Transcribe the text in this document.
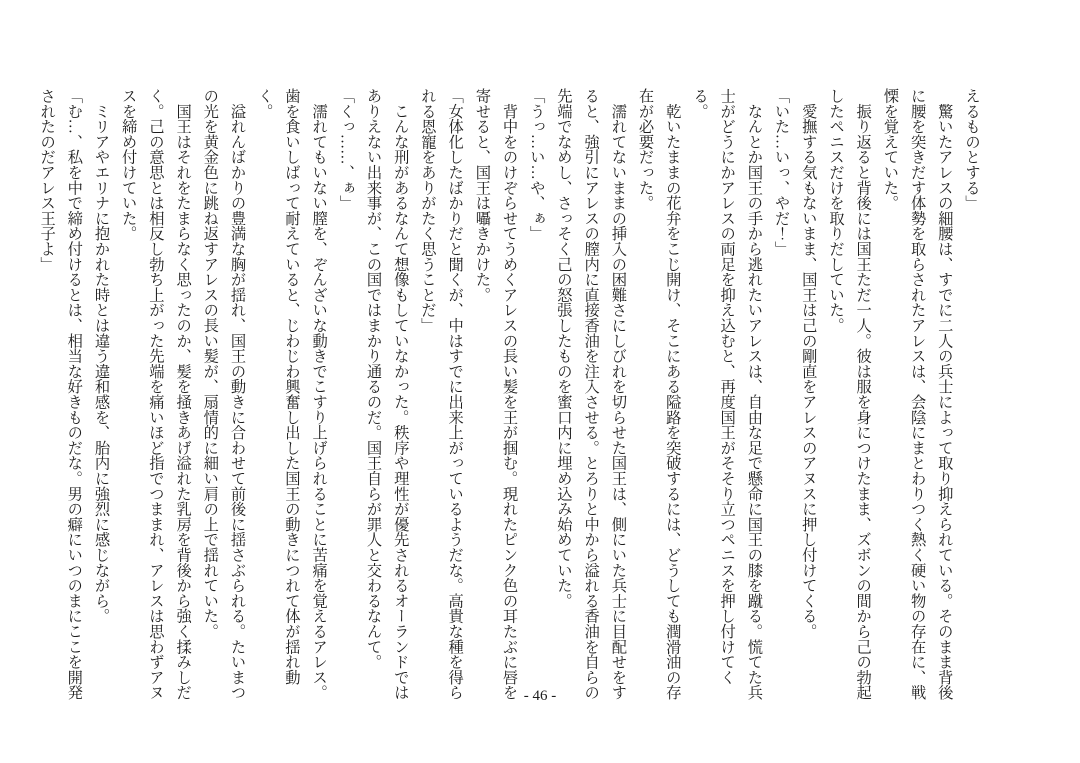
えるものとする」

　驚いたアレスの細腰は、すでに二人の兵士によって取り抑えられている。そのまま背後に腰を突きだす体勢を取らされたアレスは、会陰にまとわりつく熱く硬い物の存在に、戦慄を覚えていた。

　振り返ると背後には国王ただ一人。彼は服を身につけたまま、ズボンの間から己の勃起したペニスだけを取りだしていた。

　愛撫する気もないまま、国王は己の剛直をアレスのアヌスに押し付けてくる。

「いた…いっ、やだ！」

　なんとか国王の手から逃れたいアレスは、自由な足で懸命に国王の膝を蹴る。慌てた兵士がどうにかアレスの両足を抑え込むと、再度国王がそそり立つペニスを押し付けてくる。

　乾いたままの花弁をこじ開け、そこにある隘路を突破するには、どうしても潤滑油の存在が必要だった。

　濡れてないままの挿入の困難さにしびれを切らせた国王は、側にいた兵士に目配せをすると、強引にアレスの膣内に直接香油を注入させる。とろりと中から溢れる香油を自らの先端でなめし、さっそく己の怒張したものを蜜口内に埋め込み始めていた。

「うっ…い…や、ぁ」

　背中をのけぞらせてうめくアレスの長い髪を王が掴む。現れたピンク色の耳たぶに唇を寄せると、国王は囁きかけた。

「女体化したばかりだと聞くが、中はすでに出来上がっているようだな。高貴な種を得られる恩寵をありがたく思うことだ」

　こんな刑があるなんて想像もしていなかった。秩序や理性が優先されるオーランドではありえない出来事が、この国ではまかり通るのだ。国王自らが罪人と交わるなんて。

「くっ……、ぁ」

　濡れてもいない膣を、ぞんざいな動きでこすり上げられることに苦痛を覚えるアレス。歯を食いしばって耐えていると、じわじわ興奮し出した国王の動きにつれて体が揺れ動く。

　溢れんばかりの豊満な胸が揺れ、国王の動きに合わせて前後に揺さぶられる。たいまつの光を黄金色に跳ね返すアレスの長い髪が、扇情的に細い肩の上で揺れていた。

　国王はそれをたまらなく思ったのか、髪を掻きあげ溢れた乳房を背後から強く揉みしだく。己の意思とは相反し勃ち上がった先端を痛いほど指でつままれ、アレスは思わずアヌスを締め付けていた。

　ミリアやエリナに抱かれた時とは違う違和感を、胎内に強烈に感じながら。

「む…、私を中で締め付けるとは、相当な好きものだな。男の癖にいつのまにここを開発されたのだアレス王子よ」

- 46 -
